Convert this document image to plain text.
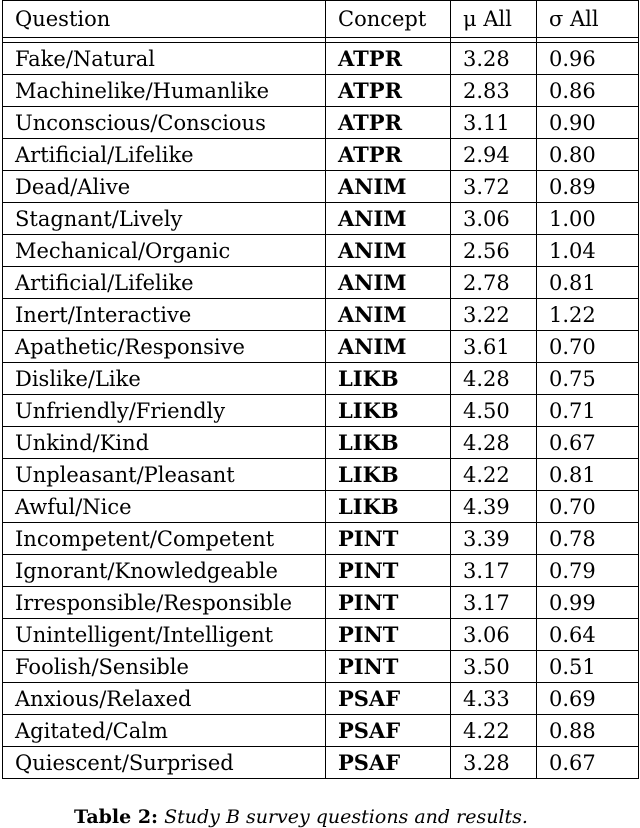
Question	Concept	μ All	σ All

Fake/Natural	ATPR	3.28	0.96
Machinelike/Humanlike	ATPR	2.83	0.86
Unconscious/Conscious	ATPR	3.11	0.90
Artificial/Lifelike	ATPR	2.94	0.80
Dead/Alive	ANIM	3.72	0.89
Stagnant/Lively	ANIM	3.06	1.00
Mechanical/Organic	ANIM	2.56	1.04
Artificial/Lifelike	ANIM	2.78	0.81
Inert/Interactive	ANIM	3.22	1.22
Apathetic/Responsive	ANIM	3.61	0.70
Dislike/Like	LIKB	4.28	0.75
Unfriendly/Friendly	LIKB	4.50	0.71
Unkind/Kind	LIKB	4.28	0.67
Unpleasant/Pleasant	LIKB	4.22	0.81
Awful/Nice	LIKB	4.39	0.70
Incompetent/Competent	PINT	3.39	0.78
Ignorant/Knowledgeable	PINT	3.17	0.79
Irresponsible/Responsible	PINT	3.17	0.99
Unintelligent/Intelligent	PINT	3.06	0.64
Foolish/Sensible	PINT	3.50	0.51
Anxious/Relaxed	PSAF	4.33	0.69
Agitated/Calm	PSAF	4.22	0.88
Quiescent/Surprised	PSAF	3.28	0.67
Table 2: Study B survey questions and results.
